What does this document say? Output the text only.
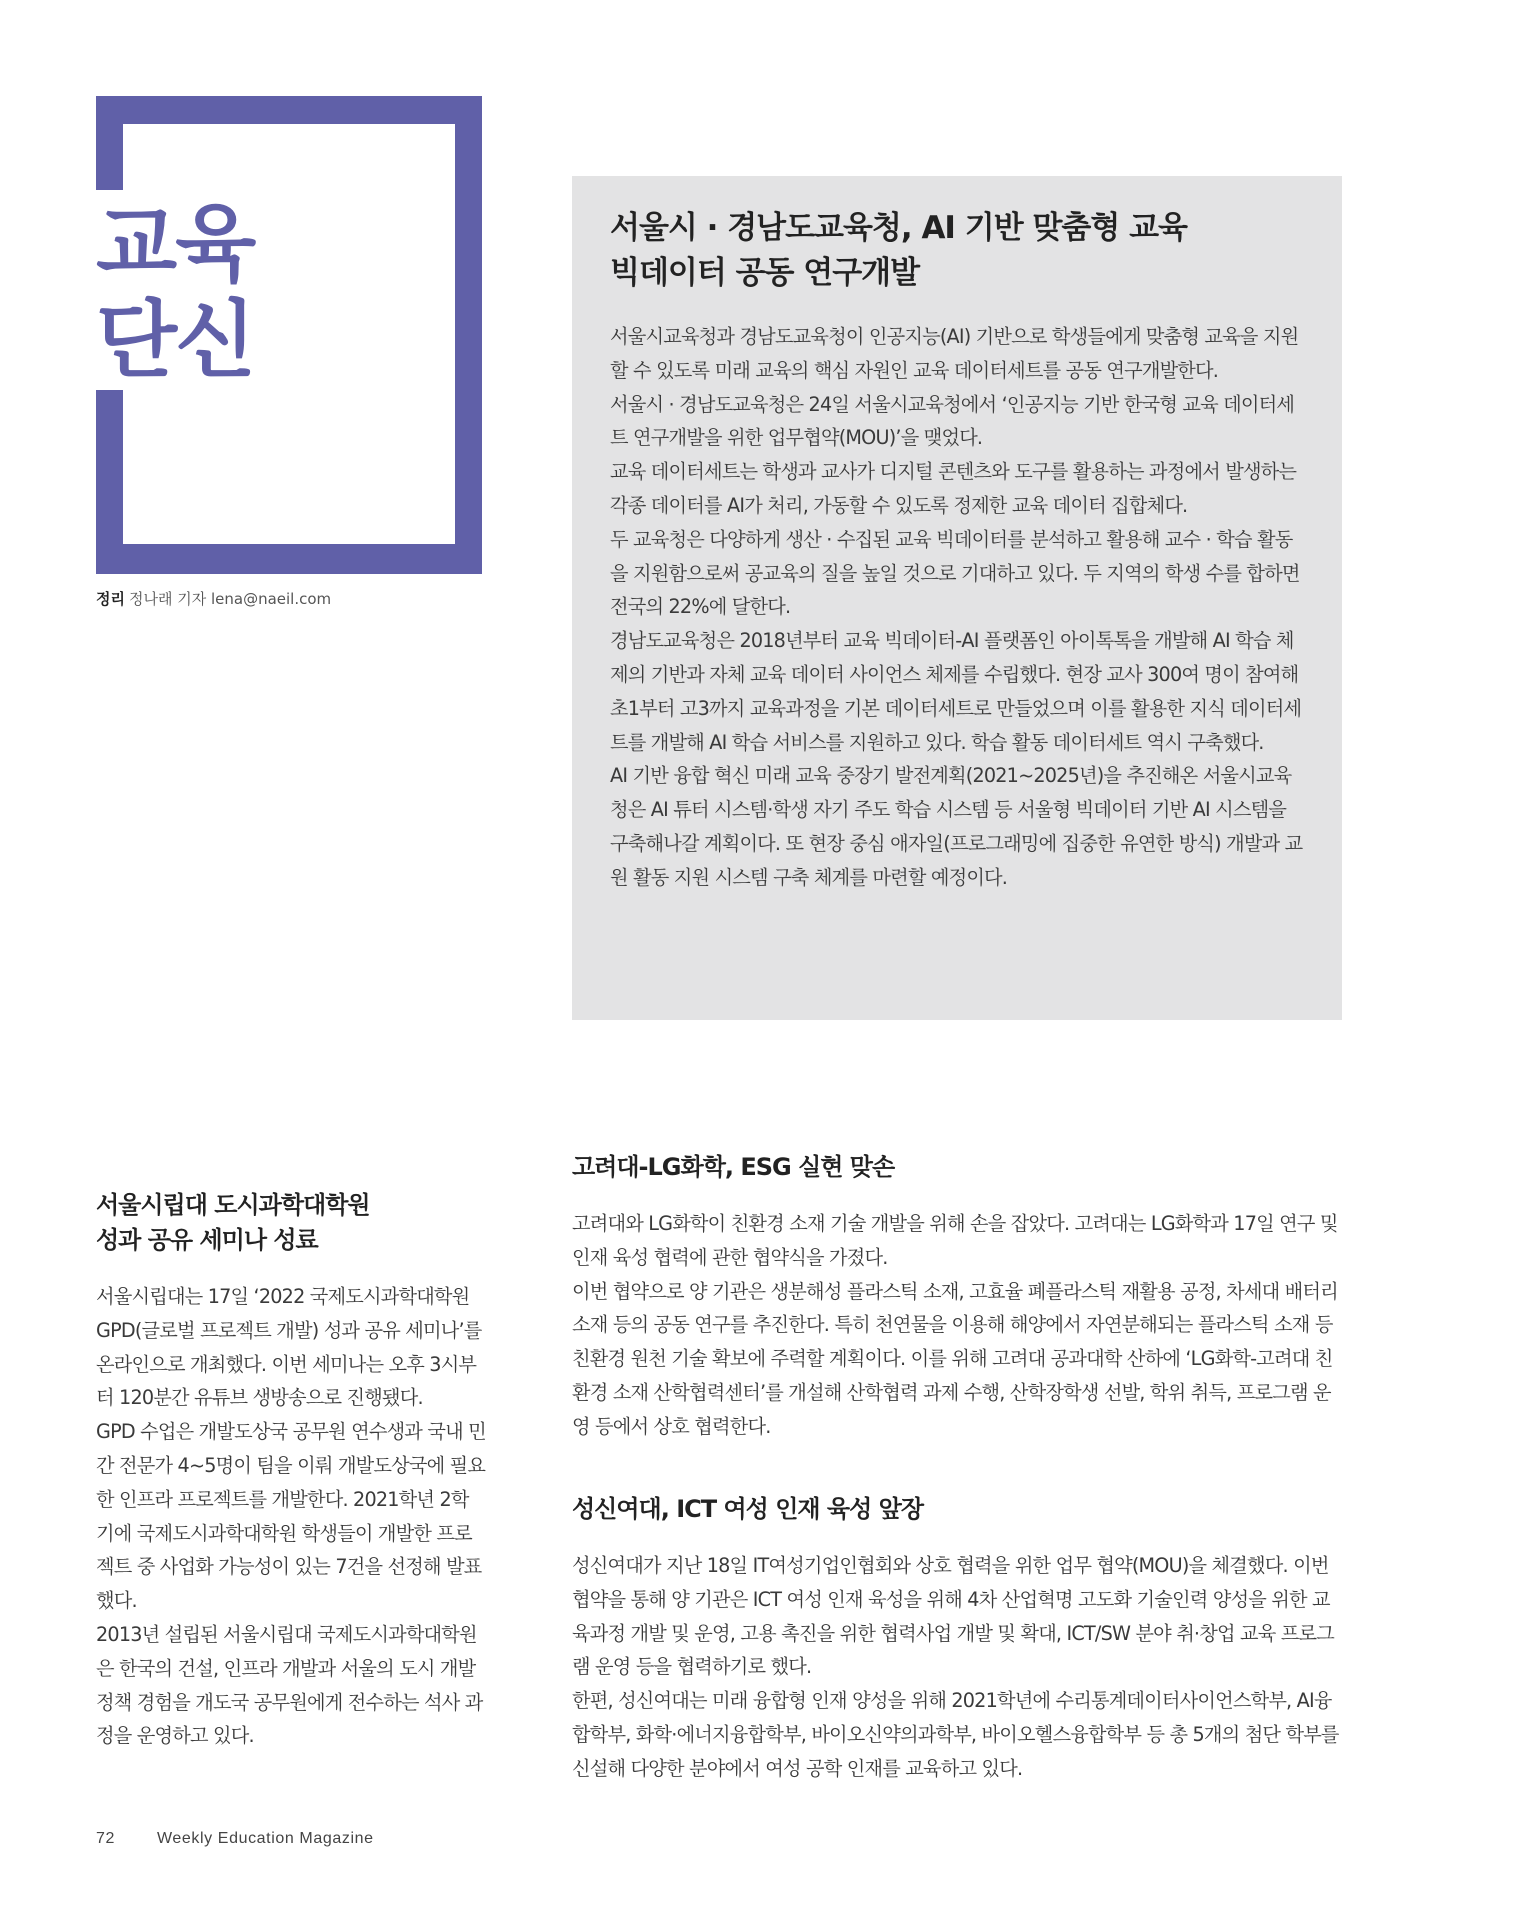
교육
단신

정리 정나래 기자 lena@naeil.com

서울시 · 경남도교육청, AI 기반 맞춤형 교육
빅데이터 공동 연구개발

서울시교육청과 경남도교육청이 인공지능(AI) 기반으로 학생들에게 맞춤형 교육을 지원할 수 있도록 미래 교육의 핵심 자원인 교육 데이터세트를 공동 연구개발한다.

서울시 · 경남도교육청은 24일 서울시교육청에서 ‘인공지능 기반 한국형 교육 데이터세트 연구개발을 위한 업무협약(MOU)’을 맺었다.

교육 데이터세트는 학생과 교사가 디지털 콘텐츠와 도구를 활용하는 과정에서 발생하는 각종 데이터를 AI가 처리, 가동할 수 있도록 정제한 교육 데이터 집합체다.

두 교육청은 다양하게 생산 · 수집된 교육 빅데이터를 분석하고 활용해 교수 · 학습 활동을 지원함으로써 공교육의 질을 높일 것으로 기대하고 있다. 두 지역의 학생 수를 합하면 전국의 22%에 달한다.

경남도교육청은 2018년부터 교육 빅데이터-AI 플랫폼인 아이톡톡을 개발해 AI 학습 체제의 기반과 자체 교육 데이터 사이언스 체제를 수립했다. 현장 교사 300여 명이 참여해 초1부터 고3까지 교육과정을 기본 데이터세트로 만들었으며 이를 활용한 지식 데이터세트를 개발해 AI 학습 서비스를 지원하고 있다. 학습 활동 데이터세트 역시 구축했다.

AI 기반 융합 혁신 미래 교육 중장기 발전계획(2021~2025년)을 추진해온 서울시교육청은 AI 튜터 시스템·학생 자기 주도 학습 시스템 등 서울형 빅데이터 기반 AI 시스템을 구축해나갈 계획이다. 또 현장 중심 애자일(프로그래밍에 집중한 유연한 방식) 개발과 교원 활동 지원 시스템 구축 체계를 마련할 예정이다.

서울시립대 도시과학대학원
성과 공유 세미나 성료

서울시립대는 17일 ‘2022 국제도시과학대학원 GPD(글로벌 프로젝트 개발) 성과 공유 세미나’를 온라인으로 개최했다. 이번 세미나는 오후 3시부터 120분간 유튜브 생방송으로 진행됐다.

GPD 수업은 개발도상국 공무원 연수생과 국내 민간 전문가 4~5명이 팀을 이뤄 개발도상국에 필요한 인프라 프로젝트를 개발한다. 2021학년 2학기에 국제도시과학대학원 학생들이 개발한 프로젝트 중 사업화 가능성이 있는 7건을 선정해 발표했다.

2013년 설립된 서울시립대 국제도시과학대학원은 한국의 건설, 인프라 개발과 서울의 도시 개발 정책 경험을 개도국 공무원에게 전수하는 석사 과정을 운영하고 있다.

고려대-LG화학, ESG 실현 맞손

고려대와 LG화학이 친환경 소재 기술 개발을 위해 손을 잡았다. 고려대는 LG화학과 17일 연구 및 인재 육성 협력에 관한 협약식을 가졌다.

이번 협약으로 양 기관은 생분해성 플라스틱 소재, 고효율 폐플라스틱 재활용 공정, 차세대 배터리 소재 등의 공동 연구를 추진한다. 특히 천연물을 이용해 해양에서 자연분해되는 플라스틱 소재 등 친환경 원천 기술 확보에 주력할 계획이다. 이를 위해 고려대 공과대학 산하에 ‘LG화학-고려대 친환경 소재 산학협력센터’를 개설해 산학협력 과제 수행, 산학장학생 선발, 학위 취득, 프로그램 운영 등에서 상호 협력한다.

성신여대, ICT 여성 인재 육성 앞장

성신여대가 지난 18일 IT여성기업인협회와 상호 협력을 위한 업무 협약(MOU)을 체결했다. 이번 협약을 통해 양 기관은 ICT 여성 인재 육성을 위해 4차 산업혁명 고도화 기술인력 양성을 위한 교육과정 개발 및 운영, 고용 촉진을 위한 협력사업 개발 및 확대, ICT/SW 분야 취·창업 교육 프로그램 운영 등을 협력하기로 했다.

한편, 성신여대는 미래 융합형 인재 양성을 위해 2021학년에 수리통계데이터사이언스학부, AI융합학부, 화학·에너지융합학부, 바이오신약의과학부, 바이오헬스융합학부 등 총 5개의 첨단 학부를 신설해 다양한 분야에서 여성 공학 인재를 교육하고 있다.

72	Weekly Education Magazine
